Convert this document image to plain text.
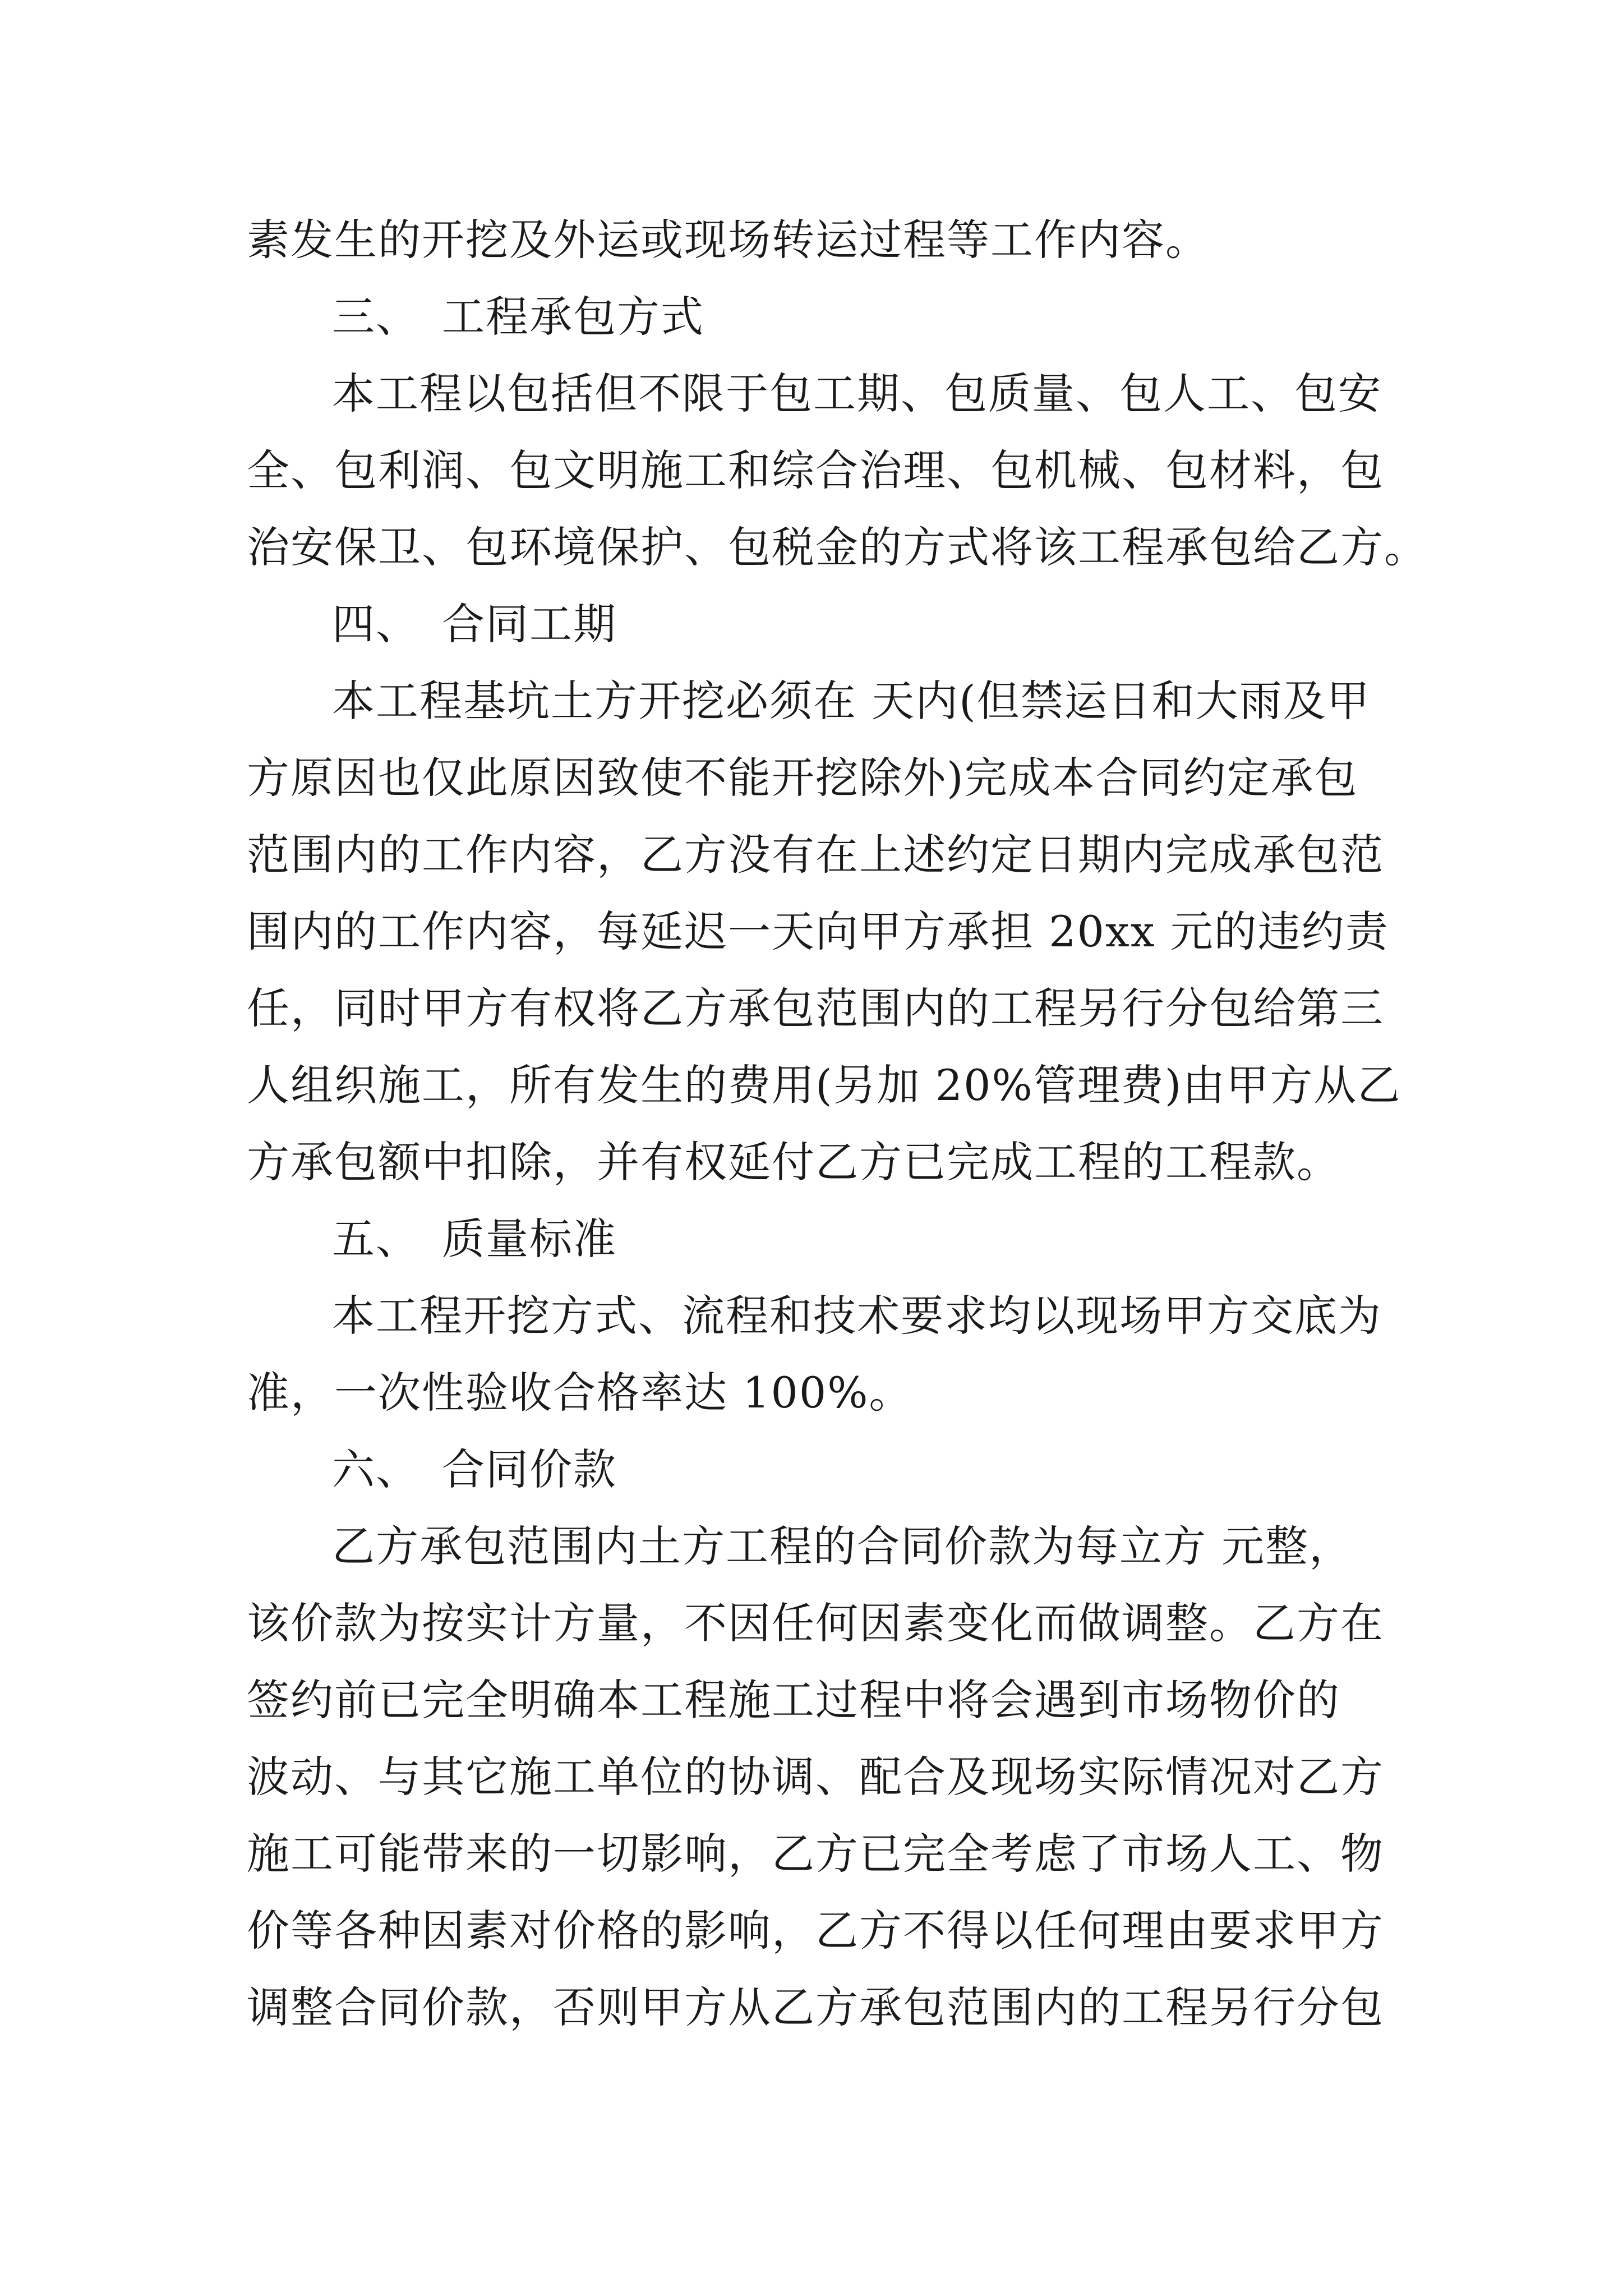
素发生的开挖及外运或现场转运过程等工作内容。
三、　工程承包方式
本工程以包括但不限于包工期、包质量、包人工、包安
全、包利润、包文明施工和综合治理、包机械、包材料，包
治安保卫、包环境保护、包税金的方式将该工程承包给乙方。
四、　合同工期
本工程基坑土方开挖必须在 天内(但禁运日和大雨及甲
方原因也仅此原因致使不能开挖除外)完成本合同约定承包
范围内的工作内容，乙方没有在上述约定日期内完成承包范
围内的工作内容，每延迟一天向甲方承担 20xx 元的违约责
任，同时甲方有权将乙方承包范围内的工程另行分包给第三
人组织施工，所有发生的费用(另加 20%管理费)由甲方从乙
方承包额中扣除，并有权延付乙方已完成工程的工程款。
五、　质量标准
本工程开挖方式、流程和技术要求均以现场甲方交底为
准，一次性验收合格率达 100%。
六、　合同价款
乙方承包范围内土方工程的合同价款为每立方 元整，
该价款为按实计方量，不因任何因素变化而做调整。乙方在
签约前已完全明确本工程施工过程中将会遇到市场物价的
波动、与其它施工单位的协调、配合及现场实际情况对乙方
施工可能带来的一切影响，乙方已完全考虑了市场人工、物
价等各种因素对价格的影响，乙方不得以任何理由要求甲方
调整合同价款，否则甲方从乙方承包范围内的工程另行分包
